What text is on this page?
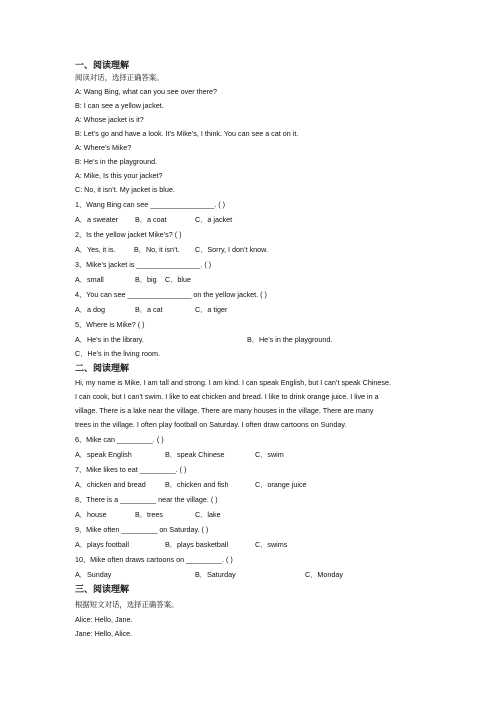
一、阅读理解
阅读对话，选择正确答案。
A: Wang Bing, what can you see over there?
B: I can see a yellow jacket.
A: Whose jacket is it?
B: Let’s go and have a look. It’s Mike’s, I think. You can see a cat on it.
A: Where’s Mike?
B: He’s in the playground.
A: Mike, Is this your jacket?
C: No, it isn’t. My jacket is blue.
1、Wang Bing can see ________________. ( )
A．a sweater B．a coat	C．a jacket
2、Is the yellow jacket Mike’s? ( )
A．Yes, it is.	B．No, it isn’t. C．Sorry, I don’t know.
3、Mike’s jacket is ________________. ( )
A．small	B．big C．blue
4、You can see ________________ on the yellow jacket. ( )
A．a dog	B．a cat	C．a tiger
5、Where is Mike? ( )
A．He’s in the library.	B．He’s in the playground.
C．He’s in the living room.
二、阅读理解
Hi, my name is Mike. I am tall and strong. I am kind. I can speak English, but I can’t speak Chinese.
I can cook, but I can’t swim. I like to eat chicken and bread. I like to drink orange juice. I live in a
village. There is a lake near the village. There are many houses in the village. There are many
trees in the village. I often play football on Saturday. I often draw cartoons on Sunday.
6、Mike can _________. ( )
A．speak English	B．speak Chinese	C．swim
7、Mike likes to eat _________. ( )
A．chicken and bread	B．chicken and fish	C．orange juice
8、There is a _________ near the village. ( )
A．house	B．trees	C．lake
9、Mike often _________ on Saturday. ( )
A．plays football	B．plays basketball	C．swims
10、Mike often draws cartoons on _________. ( )
A．Sunday	B．Saturday	C．Monday
三、阅读理解
根据短文对话，选择正确答案。
Alice: Hello, Jane.
Jane: Hello, Alice.
